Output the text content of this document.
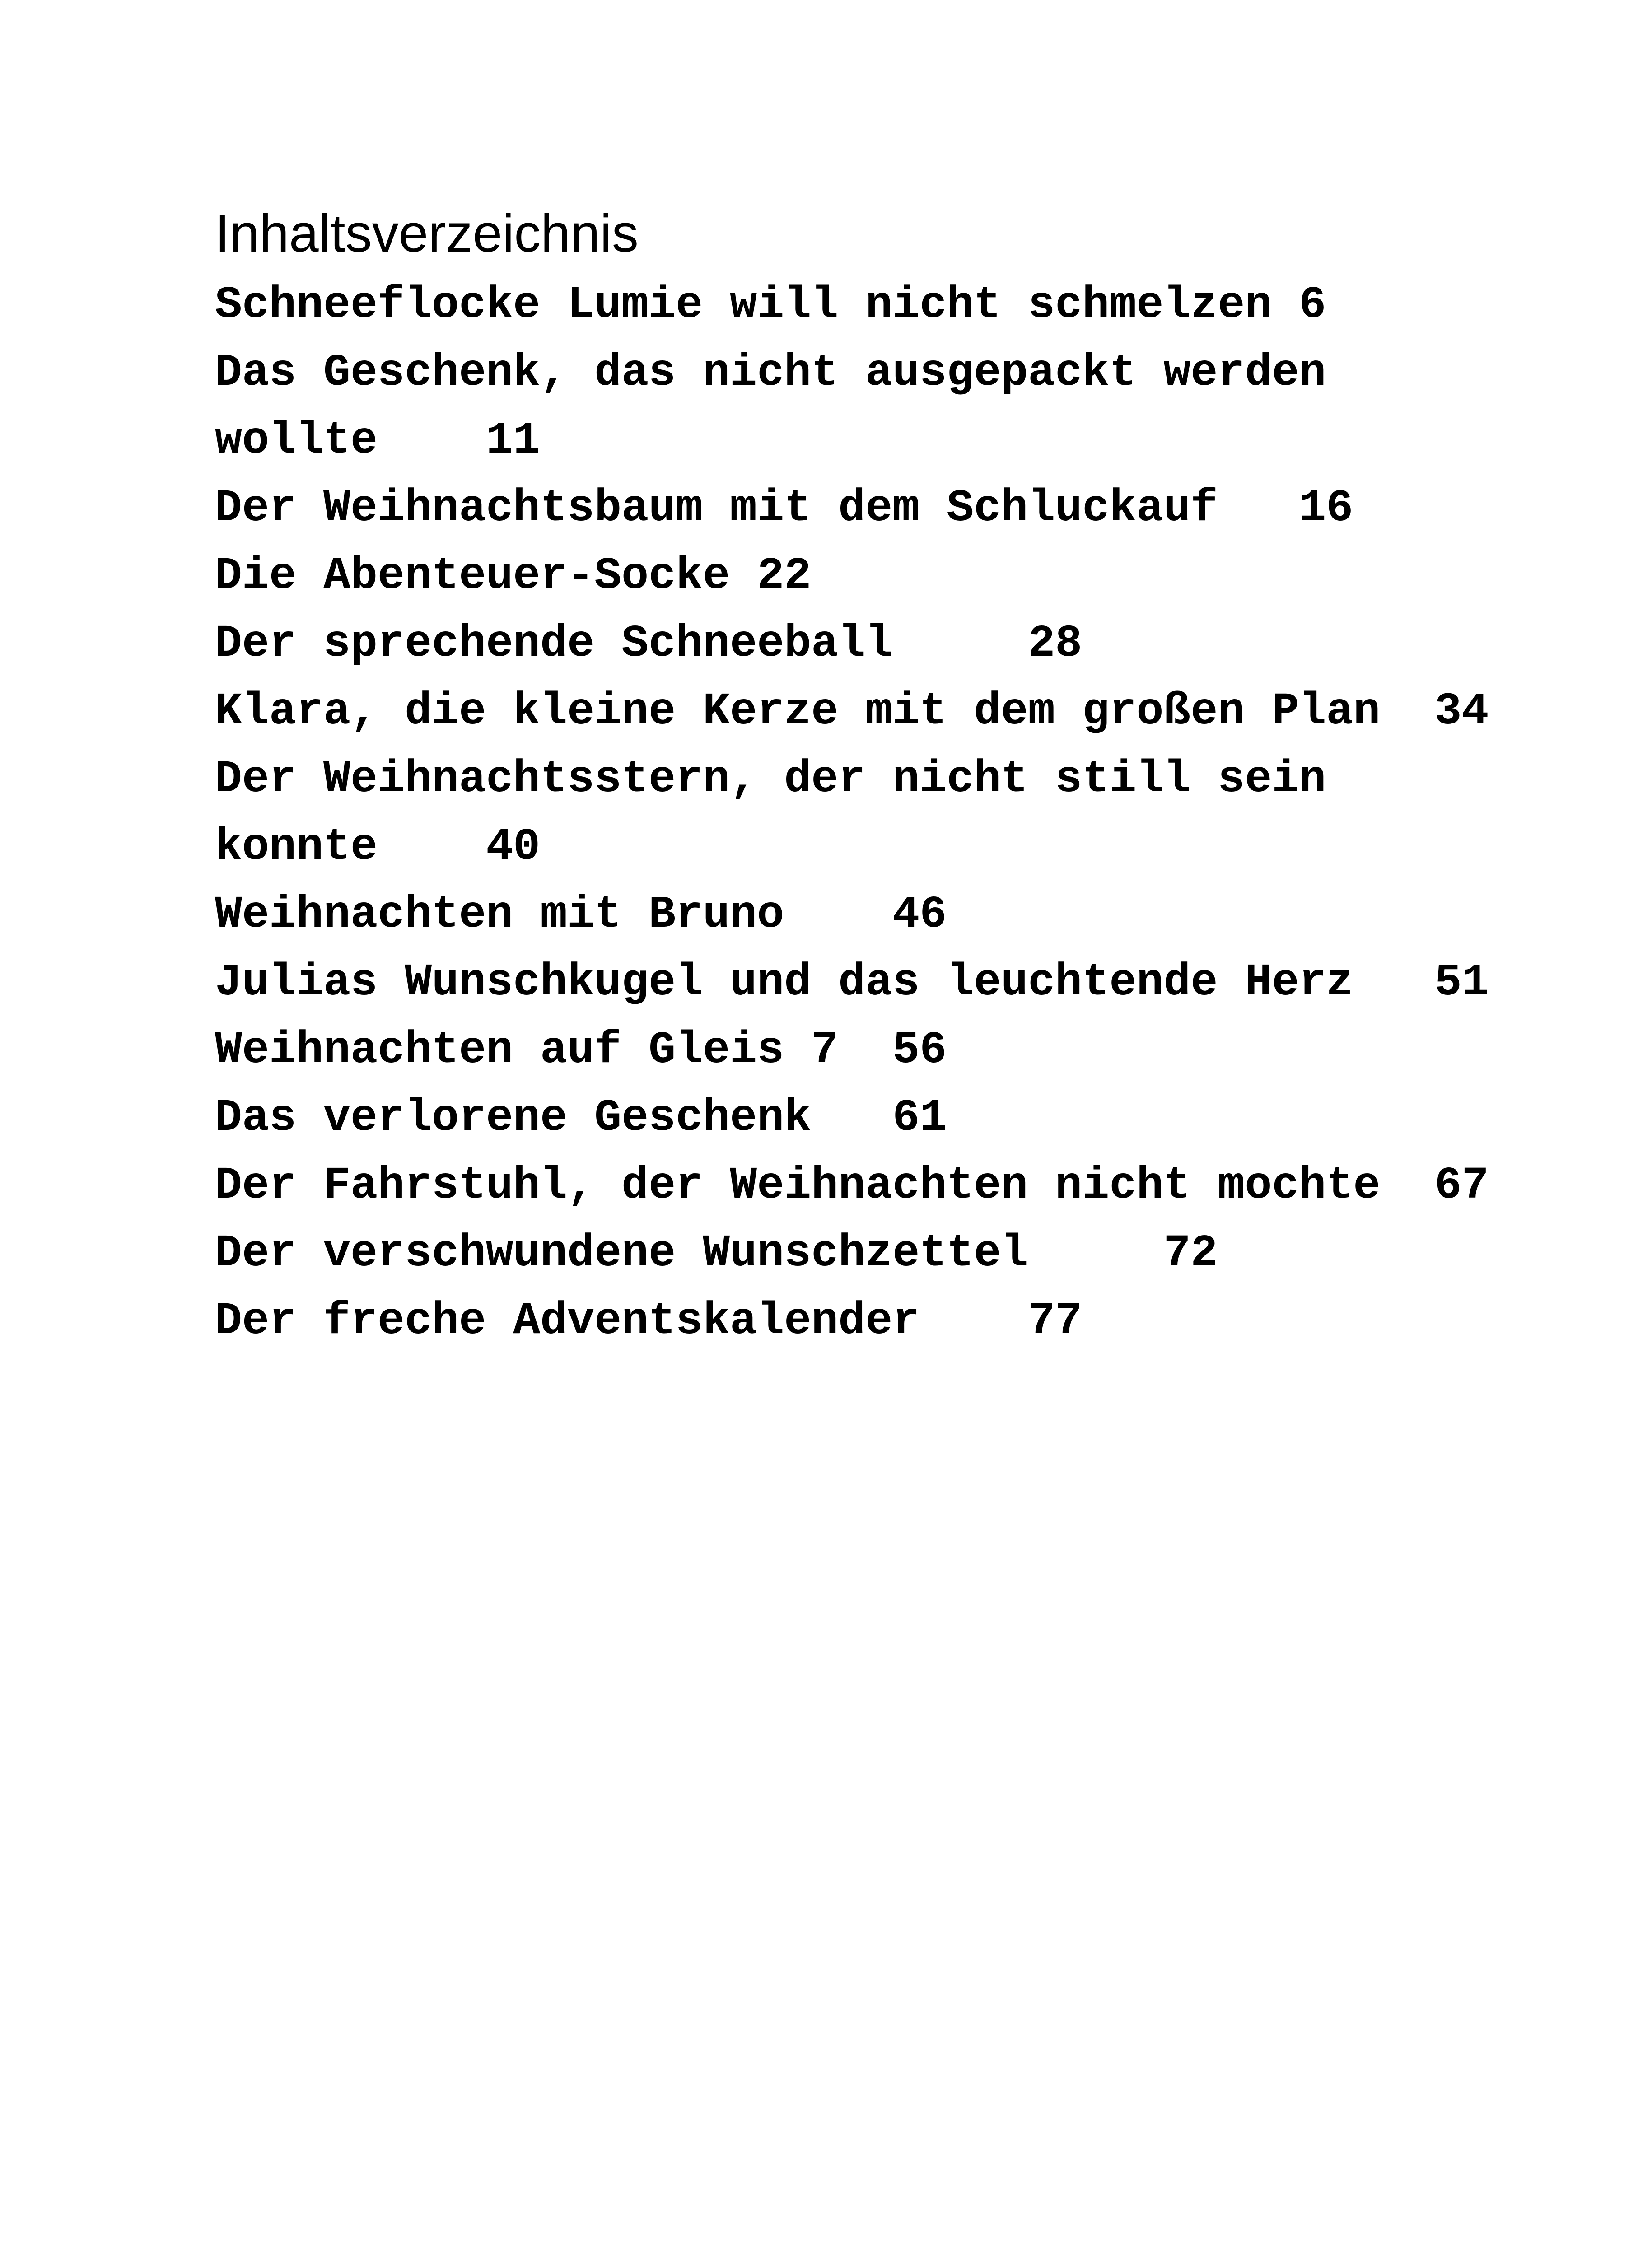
Inhaltsverzeichnis
Schneeflocke Lumie will nicht schmelzen 6
Das Geschenk, das nicht ausgepackt werden
wollte    11
Der Weihnachtsbaum mit dem Schluckauf   16
Die Abenteuer-Socke 22
Der sprechende Schneeball     28
Klara, die kleine Kerze mit dem großen Plan  34
Der Weihnachtsstern, der nicht still sein
konnte    40
Weihnachten mit Bruno    46
Julias Wunschkugel und das leuchtende Herz   51
Weihnachten auf Gleis 7  56
Das verlorene Geschenk   61
Der Fahrstuhl, der Weihnachten nicht mochte  67
Der verschwundene Wunschzettel     72
Der freche Adventskalender    77
